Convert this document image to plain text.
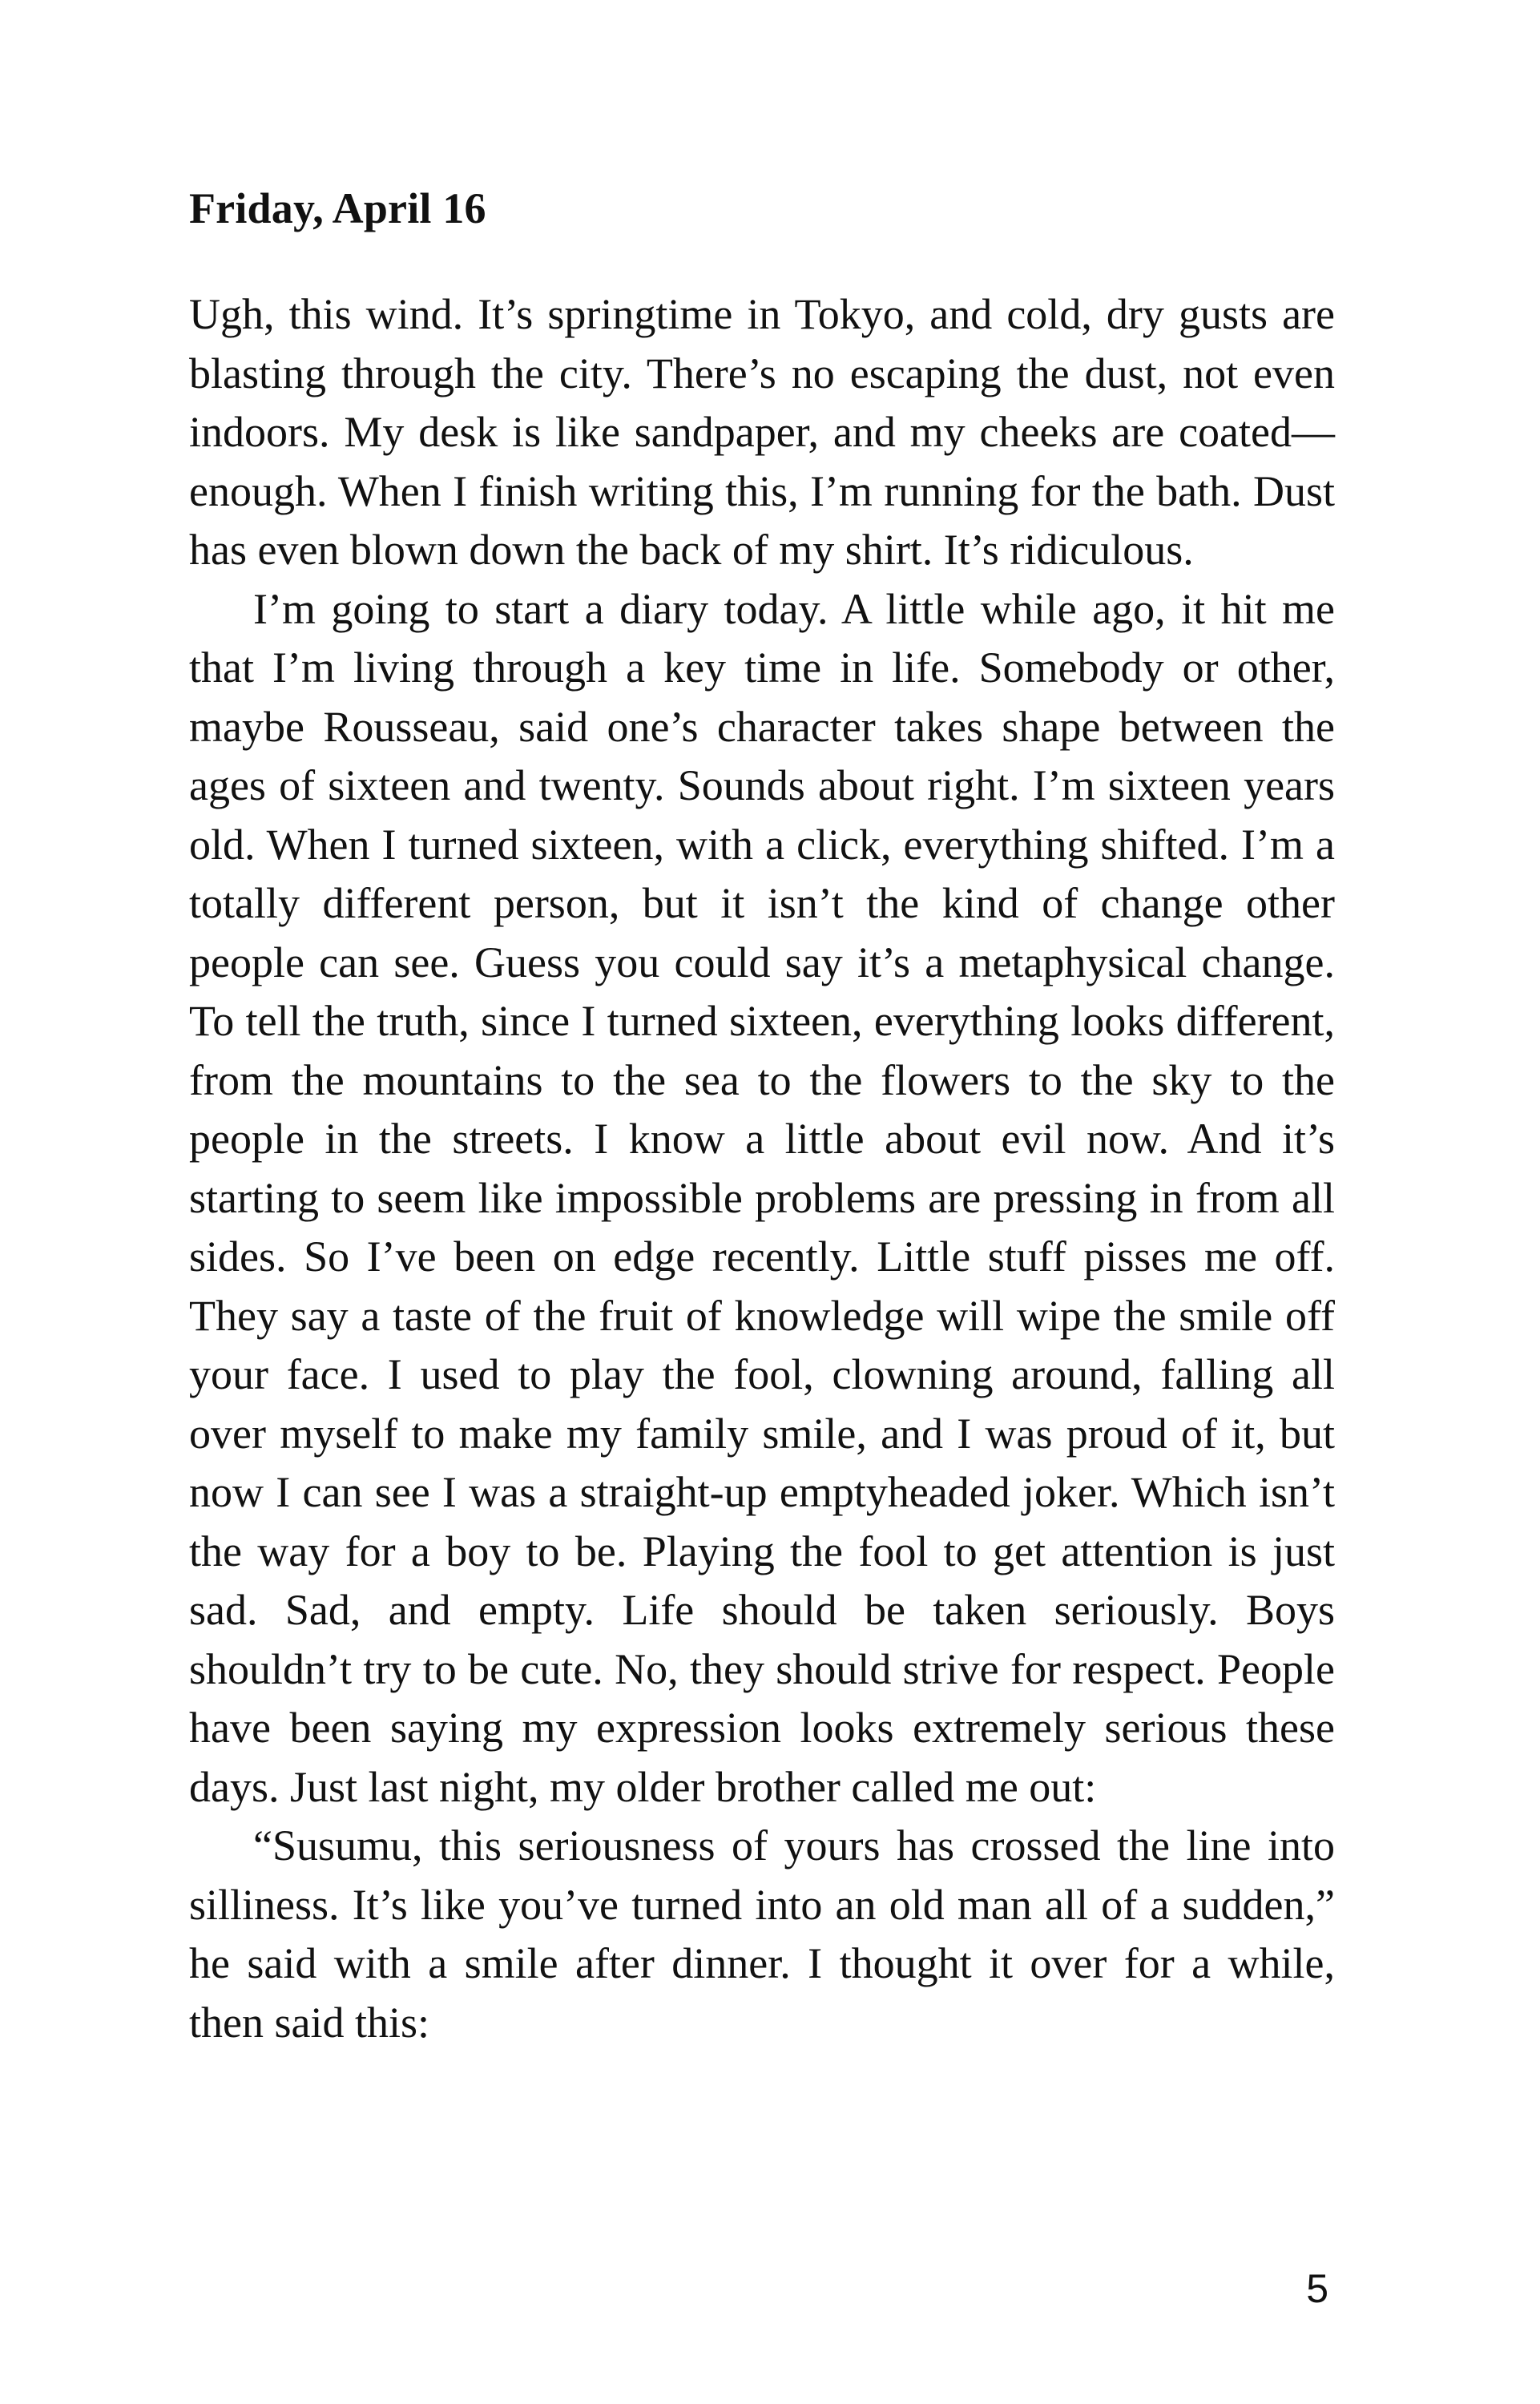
Friday, April 16

Ugh, this wind. It’s springtime in Tokyo, and cold, dry gusts are blasting through the city. There’s no escaping the dust, not even indoors. My desk is like sandpaper, and my cheeks are coated—enough. When I finish writing this, I’m running for the bath. Dust has even blown down the back of my shirt. It’s ridiculous.

I’m going to start a diary today. A little while ago, it hit me that I’m living through a key time in life. Somebody or other, maybe Rousseau, said one’s character takes shape between the ages of sixteen and twenty. Sounds about right. I’m sixteen years old. When I turned sixteen, with a click, everything shifted. I’m a totally different person, but it isn’t the kind of change other people can see. Guess you could say it’s a metaphysical change. To tell the truth, since I turned sixteen, everything looks different, from the mountains to the sea to the flowers to the sky to the people in the streets. I know a little about evil now. And it’s starting to seem like impossible problems are pressing in from all sides. So I’ve been on edge recently. Little stuff pisses me off. They say a taste of the fruit of knowledge will wipe the smile off your face. I used to play the fool, clowning around, falling all over myself to make my family smile, and I was proud of it, but now I can see I was a straight-up emptyheaded joker. Which isn’t the way for a boy to be. Playing the fool to get attention is just sad. Sad, and empty. Life should be taken seriously. Boys shouldn’t try to be cute. No, they should strive for respect. People have been saying my expression looks extremely serious these days. Just last night, my older brother called me out:

“Susumu, this seriousness of yours has crossed the line into silliness. It’s like you’ve turned into an old man all of a sudden,” he said with a smile after dinner. I thought it over for a while, then said this:

5
